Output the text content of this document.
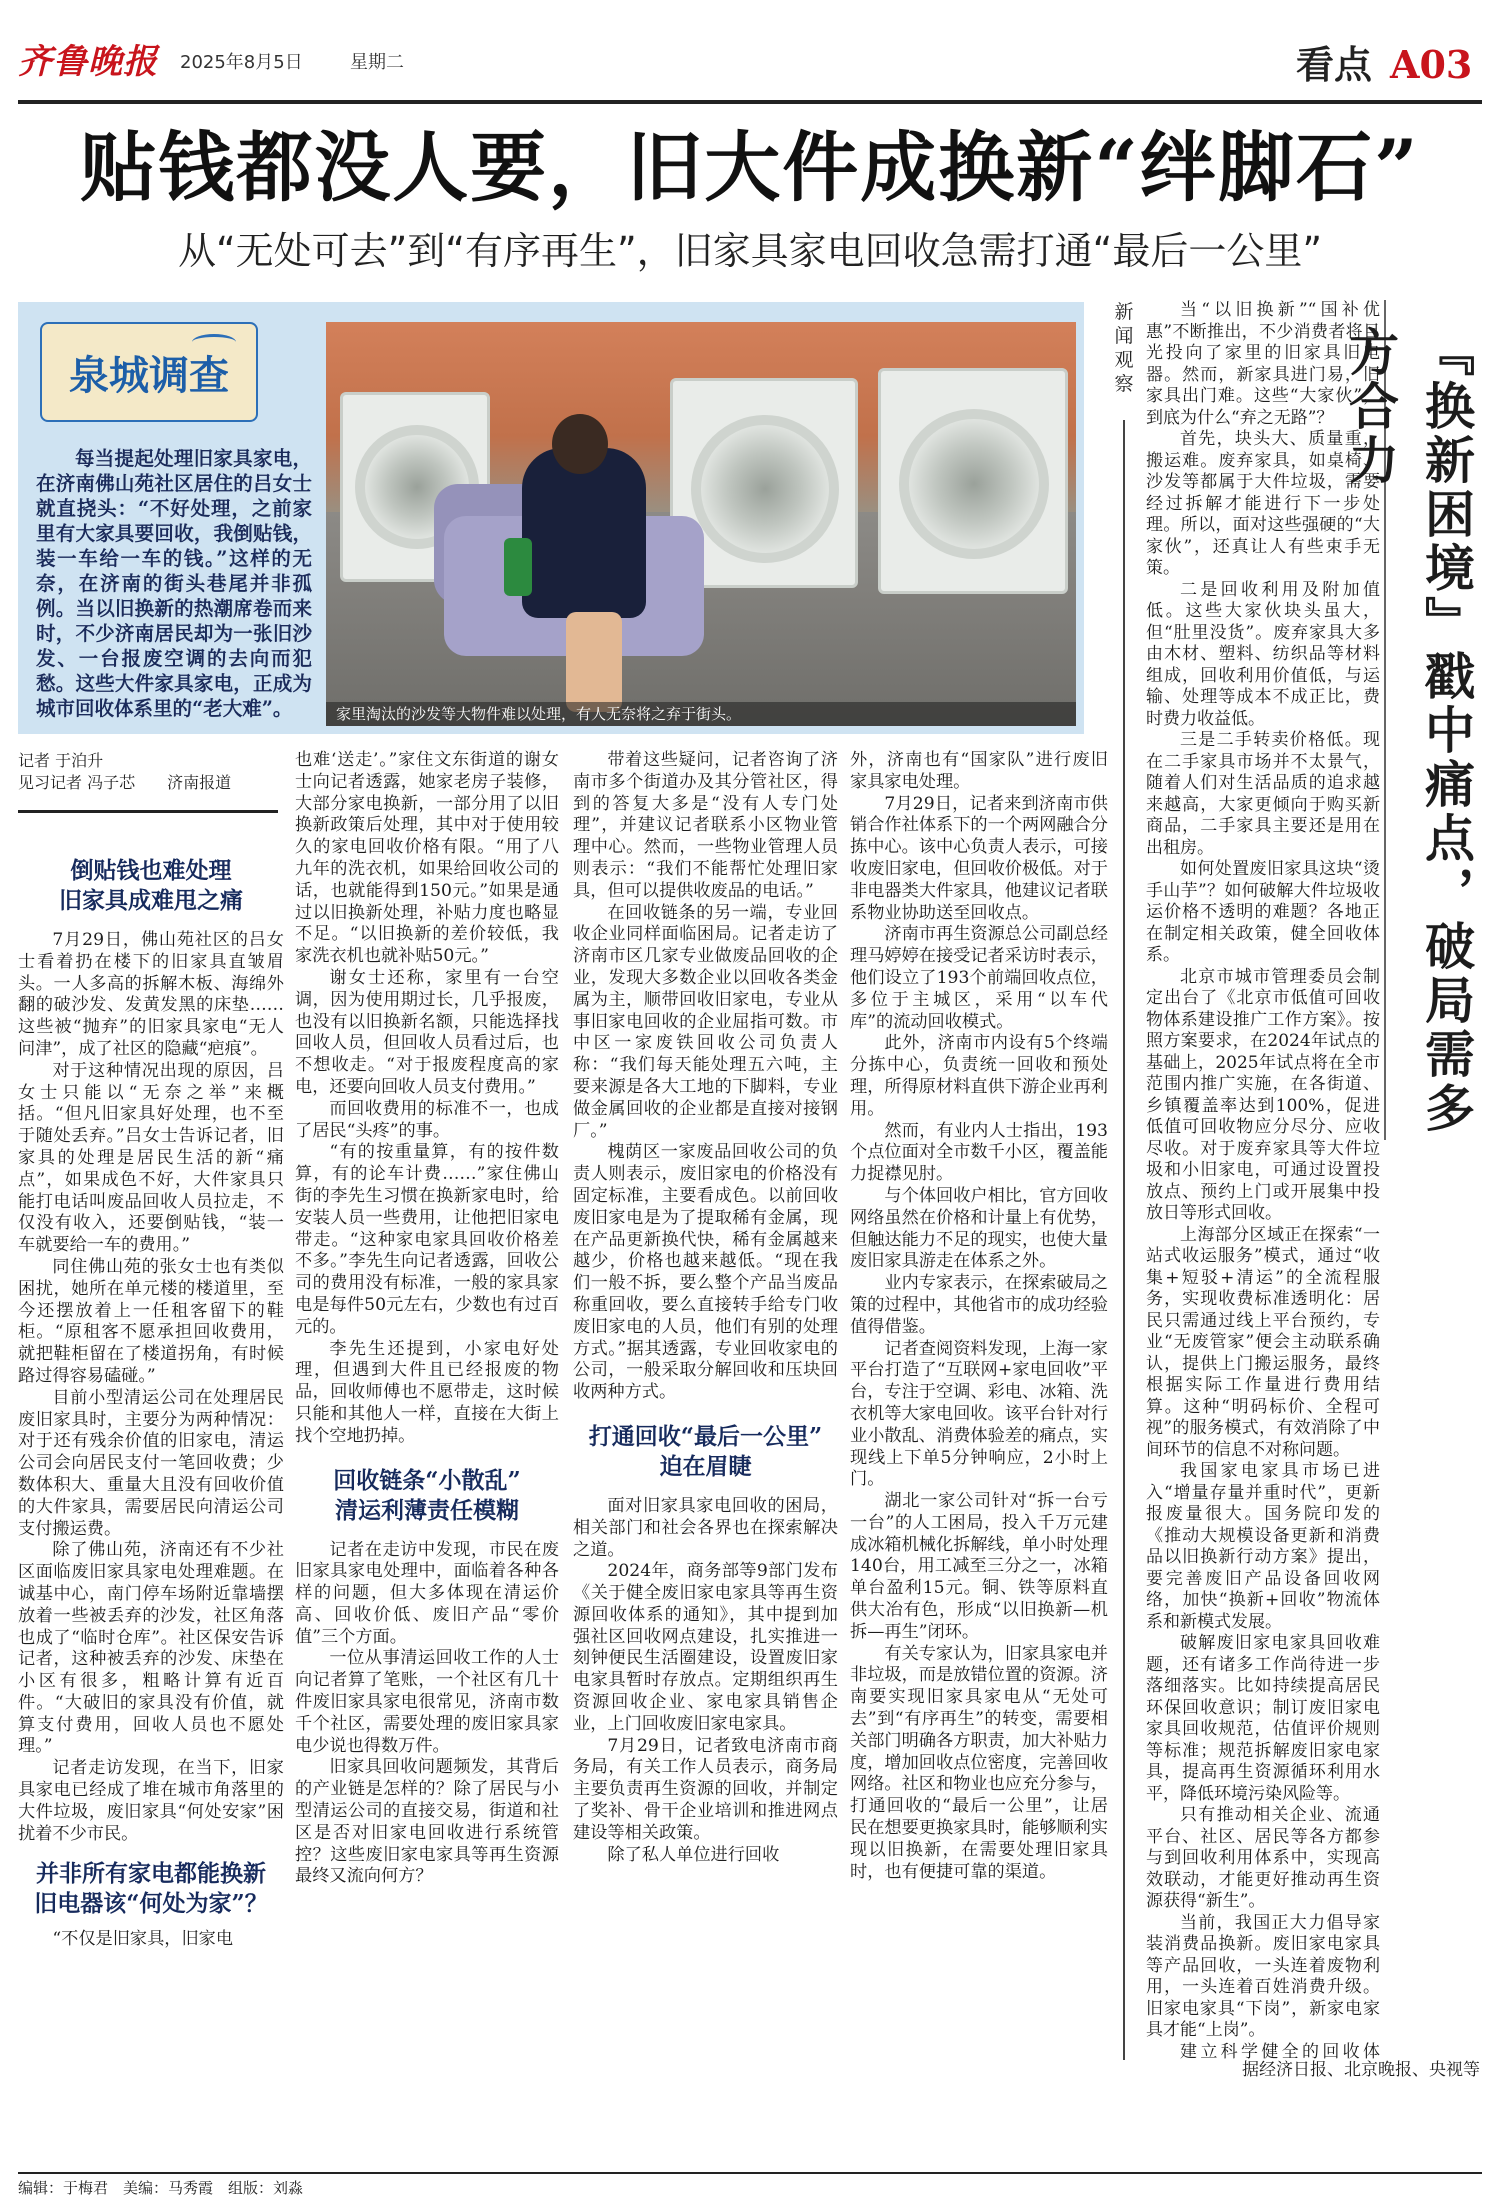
齐鲁晚报	2025年8月5日	星期二	看点 A03
贴钱都没人要，旧大件成换新“绊脚石”
从“无处可去”到“有序再生”，旧家具家电回收急需打通“最后一公里”
泉城调查
每当提起处理旧家具家电，在济南佛山苑社区居住的吕女士就直挠头：“不好处理，之前家里有大家具要回收，我倒贴钱，装一车给一车的钱。”这样的无奈，在济南的街头巷尾并非孤例。当以旧换新的热潮席卷而来时，不少济南居民却为一张旧沙发、一台报废空调的去向而犯愁。这些大件家具家电，正成为城市回收体系里的“老大难”。	家里淘汰的沙发等大物件难以处理，有人无奈将之弃于街头。
记者 于泊升
见习记者 冯子芯　　 济南报道
倒贴钱也难处理
旧家具成难甩之痛

7月29日，佛山苑社区的吕女士看着扔在楼下的旧家具直皱眉头。一人多高的拆解木板、海绵外翻的破沙发、发黄发黑的床垫……这些被“抛弃”的旧家具家电“无人问津”，成了社区的隐藏“疤痕”。

对于这种情况出现的原因，吕女士只能以“无奈之举”来概括。“但凡旧家具好处理，也不至于随处丢弃。”吕女士告诉记者，旧家具的处理是居民生活的新“痛点”，如果成色不好，大件家具只能打电话叫废品回收人员拉走，不仅没有收入，还要倒贴钱，“装一车就要给一车的费用。”

同住佛山苑的张女士也有类似困扰，她所在单元楼的楼道里，至今还摆放着上一任租客留下的鞋柜。“原租客不愿承担回收费用，就把鞋柜留在了楼道拐角，有时候路过得容易磕碰。”

目前小型清运公司在处理居民废旧家具时，主要分为两种情况：对于还有残余价值的旧家电，清运公司会向居民支付一笔回收费；少数体积大、重量大且没有回收价值的大件家具，需要居民向清运公司支付搬运费。

除了佛山苑，济南还有不少社区面临废旧家具家电处理难题。在诚基中心，南门停车场附近靠墙摆放着一些被丢弃的沙发，社区角落也成了“临时仓库”。社区保安告诉记者，这种被丢弃的沙发、床垫在小区有很多，粗略计算有近百件。“大破旧的家具没有价值，就算支付费用，回收人员也不愿处理。”

记者走访发现，在当下，旧家具家电已经成了堆在城市角落里的大件垃圾，废旧家具“何处安家”困扰着不少市民。

并非所有家电都能换新
旧电器该“何处为家”？

“不仅是旧家具，旧家电

也难‘送走’。”家住文东街道的谢女士向记者透露，她家老房子装修，大部分家电换新，一部分用了以旧换新政策后处理，其中对于使用较久的家电回收价格有限。“用了八九年的洗衣机，如果给回收公司的话，也就能得到150元。”如果是通过以旧换新处理，补贴力度也略显不足。“以旧换新的差价较低，我家洗衣机也就补贴50元。”

谢女士还称，家里有一台空调，因为使用期过长，几乎报废，也没有以旧换新名额，只能选择找回收人员，但回收人员看过后，也不想收走。“对于报废程度高的家电，还要向回收人员支付费用。”

而回收费用的标准不一，也成了居民“头疼”的事。

“有的按重量算，有的按件数算，有的论车计费……”家住佛山街的李先生习惯在换新家电时，给安装人员一些费用，让他把旧家电带走。“这种家电家具回收价格差不多。”李先生向记者透露，回收公司的费用没有标准，一般的家具家电是每件50元左右，少数也有过百元的。

李先生还提到，小家电好处理，但遇到大件且已经报废的物品，回收师傅也不愿带走，这时候只能和其他人一样，直接在大街上找个空地扔掉。

回收链条“小散乱”
清运利薄责任模糊

记者在走访中发现，市民在废旧家具家电处理中，面临着各种各样的问题，但大多体现在清运价高、回收价低、废旧产品“零价值”三个方面。

一位从事清运回收工作的人士向记者算了笔账，一个社区有几十件废旧家具家电很常见，济南市数千个社区，需要处理的废旧家具家电少说也得数万件。

旧家具回收问题频发，其背后的产业链是怎样的？除了居民与小型清运公司的直接交易，街道和社区是否对旧家电回收进行系统管控？这些废旧家电家具等再生资源最终又流向何方？

带着这些疑问，记者咨询了济南市多个街道办及其分管社区，得到的答复大多是“没有人专门处理”，并建议记者联系小区物业管理中心。然而，一些物业管理人员则表示：“我们不能帮忙处理旧家具，但可以提供收废品的电话。”

在回收链条的另一端，专业回收企业同样面临困局。记者走访了济南市区几家专业做废品回收的企业，发现大多数企业以回收各类金属为主，顺带回收旧家电，专业从事旧家电回收的企业屈指可数。市中区一家废铁回收公司负责人称：“我们每天能处理五六吨，主要来源是各大工地的下脚料，专业做金属回收的企业都是直接对接钢厂。”

槐荫区一家废品回收公司的负责人则表示，废旧家电的价格没有固定标准，主要看成色。以前回收废旧家电是为了提取稀有金属，现在产品更新换代快，稀有金属越来越少，价格也越来越低。“现在我们一般不拆，要么整个产品当废品称重回收，要么直接转手给专门收废旧家电的人员，他们有别的处理方式。”据其透露，专业回收家电的公司，一般采取分解回收和压块回收两种方式。

打通回收“最后一公里”
迫在眉睫

面对旧家具家电回收的困局，相关部门和社会各界也在探索解决之道。

2024年，商务部等9部门发布《关于健全废旧家电家具等再生资源回收体系的通知》，其中提到加强社区回收网点建设，扎实推进一刻钟便民生活圈建设，设置废旧家电家具暂时存放点。定期组织再生资源回收企业、家电家具销售企业，上门回收废旧家电家具。

7月29日，记者致电济南市商务局，有关工作人员表示，商务局主要负责再生资源的回收，并制定了奖补、骨干企业培训和推进网点建设等相关政策。

除了私人单位进行回收

外，济南也有“国家队”进行废旧家具家电处理。

7月29日，记者来到济南市供销合作社体系下的一个两网融合分拣中心。该中心负责人表示，可接收废旧家电，但回收价极低。对于非电器类大件家具，他建议记者联系物业协助送至回收点。

济南市再生资源总公司副总经理马婷婷在接受记者采访时表示，他们设立了193个前端回收点位，多位于主城区，采用“以车代库”的流动回收模式。

此外，济南市内设有5个终端分拣中心，负责统一回收和预处理，所得原材料直供下游企业再利用。

然而，有业内人士指出，193个点位面对全市数千小区，覆盖能力捉襟见肘。

与个体回收户相比，官方回收网络虽然在价格和计量上有优势，但触达能力不足的现实，也使大量废旧家具游走在体系之外。

业内专家表示，在探索破局之策的过程中，其他省市的成功经验值得借鉴。

记者查阅资料发现，上海一家平台打造了“互联网+家电回收”平台，专注于空调、彩电、冰箱、洗衣机等大家电回收。该平台针对行业小散乱、消费体验差的痛点，实现线上下单5分钟响应，2小时上门。

湖北一家公司针对“拆一台亏一台”的人工困局，投入千万元建成冰箱机械化拆解线，单小时处理140台，用工减至三分之一，冰箱单台盈利15元。铜、铁等原料直供大冶有色，形成“以旧换新—机拆—再生”闭环。

有关专家认为，旧家具家电并非垃圾，而是放错位置的资源。济南要实现旧家具家电从“无处可去”到“有序再生”的转变，需要相关部门明确各方职责，加大补贴力度，增加回收点位密度，完善回收网络。社区和物业也应充分参与，打通回收的“最后一公里”，让居民在想要更换家具时，能够顺利实现以旧换新，在需要处理旧家具时，也有便捷可靠的渠道。

新闻观察	『换新困境』戳中痛点，破局需多方合力

当“以旧换新”“国补优惠”不断推出，不少消费者将目光投向了家里的旧家具旧电器。然而，新家具进门易，旧家具出门难。这些“大家伙”，到底为什么“弃之无路”？

首先，块头大、质量重，搬运难。废弃家具，如桌椅、沙发等都属于大件垃圾，需要经过拆解才能进行下一步处理。所以，面对这些强硬的“大家伙”，还真让人有些束手无策。

二是回收利用及附加值低。这些大家伙块头虽大，但“肚里没货”。废弃家具大多由木材、塑料、纺织品等材料组成，回收利用价值低，与运输、处理等成本不成正比，费时费力收益低。

三是二手转卖价格低。现在二手家具市场并不太景气，随着人们对生活品质的追求越来越高，大家更倾向于购买新商品，二手家具主要还是用在出租房。

如何处置废旧家具这块“烫手山芋”？如何破解大件垃圾收运价格不透明的难题？各地正在制定相关政策，健全回收体系。

北京市城市管理委员会制定出台了《北京市低值可回收物体系建设推广工作方案》。按照方案要求，在2024年试点的基础上，2025年试点将在全市范围内推广实施，在各街道、乡镇覆盖率达到100%，促进低值可回收物应分尽分、应收尽收。对于废弃家具等大件垃圾和小旧家电，可通过设置投放点、预约上门或开展集中投放日等形式回收。

上海部分区域正在探索“一站式收运服务”模式，通过“收集+短驳+清运”的全流程服务，实现收费标准透明化：居民只需通过线上平台预约，专业“无废管家”便会主动联系确认，提供上门搬运服务，最终根据实际工作量进行费用结算。这种“明码标价、全程可视”的服务模式，有效消除了中间环节的信息不对称问题。

我国家电家具市场已进入“增量存量并重时代”，更新报废量很大。国务院印发的《推动大规模设备更新和消费品以旧换新行动方案》提出，要完善废旧产品设备回收网络，加快“换新+回收”物流体系和新模式发展。

破解废旧家电家具回收难题，还有诸多工作尚待进一步落细落实。比如持续提高居民环保回收意识；制订废旧家电家具回收规范，估值评价规则等标准；规范拆解废旧家电家具，提高再生资源循环利用水平，降低环境污染风险等。

只有推动相关企业、流通平台、社区、居民等各方都参与到回收利用体系中，实现高效联动，才能更好推动再生资源获得“新生”。

当前，我国正大力倡导家装消费品换新。废旧家电家具等产品回收，一头连着废物利用，一头连着百姓消费升级。旧家电家具“下岗”，新家电家具才能“上岗”。

建立科学健全的回收体

据经济日报、北京晚报、央视等
编辑：于梅君　美编：马秀霞　组版：刘淼
